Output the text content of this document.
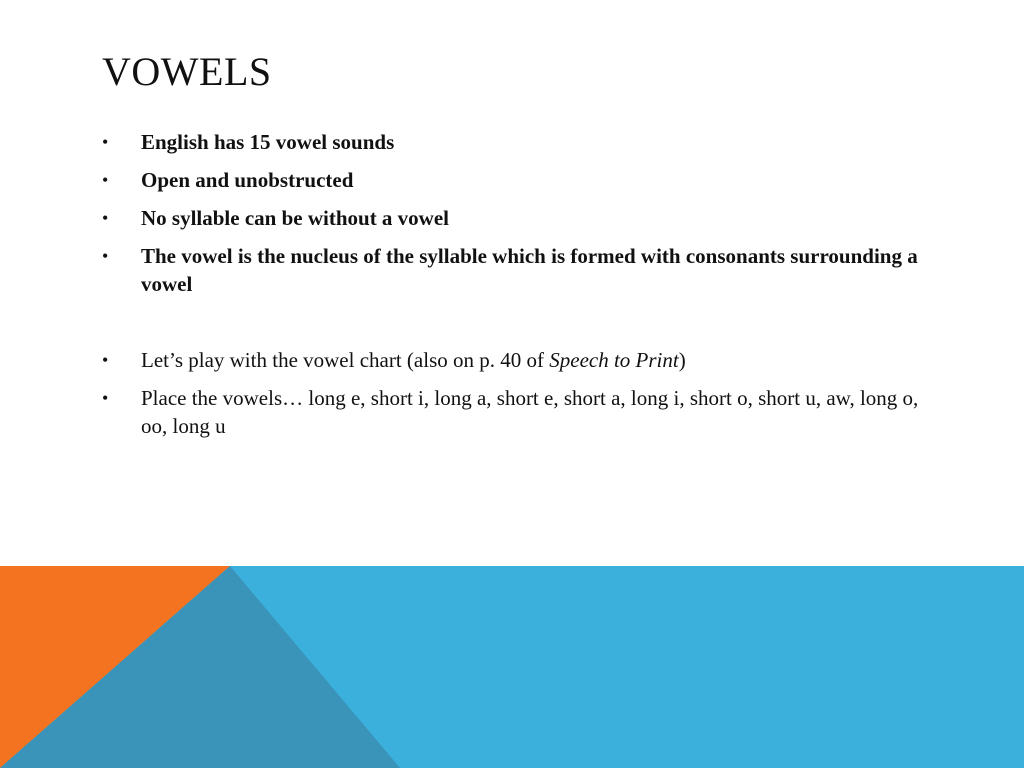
VOWELS
•	English has 15 vowel sounds
•	Open and unobstructed
•	No syllable can be without a vowel
•	The vowel is the nucleus of the syllable which is formed with consonants surrounding a vowel
•	Let’s play with the vowel chart (also on p. 40 of Speech to Print)
•	Place the vowels… long e, short i, long a, short e, short a, long i, short o, short u, aw, long o, oo, long u
